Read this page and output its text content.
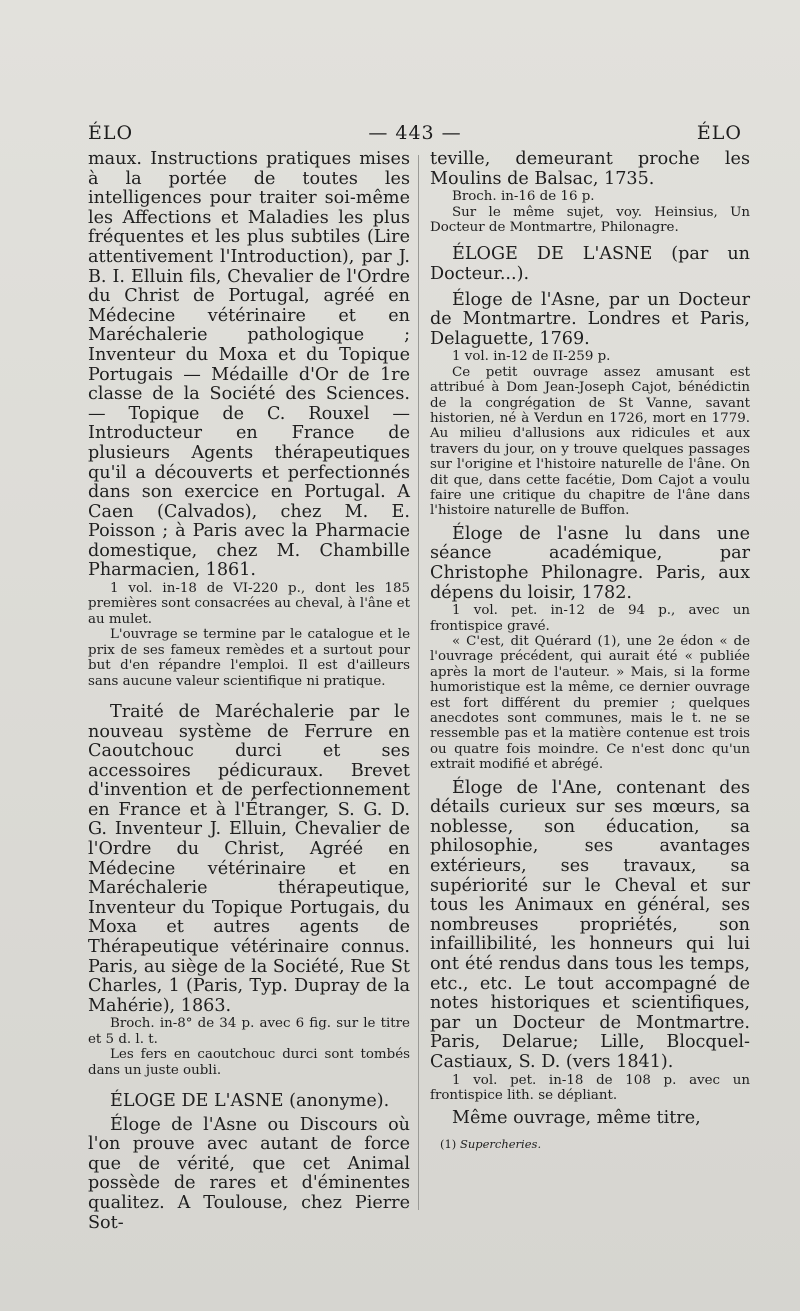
ÉLO	— 443 —	ÉLO

maux. Instructions pratiques mises à la portée de toutes les intelligences pour traiter soi-même les Affections et Maladies les plus fréquentes et les plus subtiles (Lire attentivement l'Introduction), par J. B. I. Elluin fils, Chevalier de l'Ordre du Christ de Portugal, agréé en Médecine vétérinaire et en Maréchalerie pathologique ; Inventeur du Moxa et du Topique Portugais — Médaille d'Or de 1re classe de la Société des Sciences. — Topique de C. Rouxel — Introducteur en France de plusieurs Agents thérapeutiques qu'il a découverts et perfectionnés dans son exercice en Portugal. A Caen (Calvados), chez M. E. Poisson ; à Paris avec la Pharmacie domestique, chez M. Chambille Pharmacien, 1861.

1 vol. in-18 de VI-220 p., dont les 185 premières sont consacrées au cheval, à l'âne et au mulet.

L'ouvrage se termine par le catalogue et le prix de ses fameux remèdes et a surtout pour but d'en répandre l'emploi. Il est d'ailleurs sans aucune valeur scientifique ni pratique.

Traité de Maréchalerie par le nouveau système de Ferrure en Caoutchouc durci et ses accessoires pédicuraux. Brevet d'invention et de perfectionnement en France et à l'Étranger, S. G. D. G. Inventeur J. Elluin, Chevalier de l'Ordre du Christ, Agréé en Médecine vétérinaire et en Maréchalerie thérapeutique, Inventeur du Topique Portugais, du Moxa et autres agents de Thérapeutique vétérinaire connus. Paris, au siège de la Société, Rue St Charles, 1 (Paris, Typ. Dupray de la Mahérie), 1863.

Broch. in-8° de 34 p. avec 6 fig. sur le titre et 5 d. l. t.

Les fers en caoutchouc durci sont tombés dans un juste oubli.

ÉLOGE DE L'ASNE (anonyme).

Éloge de l'Asne ou Discours où l'on prouve avec autant de force que de vérité, que cet Animal possède de rares et d'éminentes qualitez. A Toulouse, chez Pierre Sot-

teville, demeurant proche les Moulins de Balsac, 1735.

Broch. in-16 de 16 p.

Sur le même sujet, voy. Heinsius, Un Docteur de Montmartre, Philonagre.

ÉLOGE DE L'ASNE (par un Docteur...).

Éloge de l'Asne, par un Docteur de Montmartre. Londres et Paris, Delaguette, 1769.

1 vol. in-12 de II-259 p.

Ce petit ouvrage assez amusant est attribué à Dom Jean-Joseph Cajot, bénédictin de la congrégation de St Vanne, savant historien, né à Verdun en 1726, mort en 1779. Au milieu d'allusions aux ridicules et aux travers du jour, on y trouve quelques passages sur l'origine et l'histoire naturelle de l'âne. On dit que, dans cette facétie, Dom Cajot a voulu faire une critique du chapitre de l'âne dans l'histoire naturelle de Buffon.

Éloge de l'asne lu dans une séance académique, par Christophe Philonagre. Paris, aux dépens du loisir, 1782.

1 vol. pet. in-12 de 94 p., avec un frontispice gravé.

« C'est, dit Quérard (1), une 2e édon « de l'ouvrage précédent, qui aurait été « publiée après la mort de l'auteur. » Mais, si la forme humoristique est la même, ce dernier ouvrage est fort différent du premier ; quelques anecdotes sont communes, mais le t. ne se ressemble pas et la matière contenue est trois ou quatre fois moindre. Ce n'est donc qu'un extrait modifié et abrégé.

Éloge de l'Ane, contenant des détails curieux sur ses mœurs, sa noblesse, son éducation, sa philosophie, ses avantages extérieurs, ses travaux, sa supériorité sur le Cheval et sur tous les Animaux en général, ses nombreuses propriétés, son infaillibilité, les honneurs qui lui ont été rendus dans tous les temps, etc., etc. Le tout accompagné de notes historiques et scientifiques, par un Docteur de Montmartre. Paris, Delarue; Lille, Blocquel-Castiaux, S. D. (vers 1841).

1 vol. pet. in-18 de 108 p. avec un frontispice lith. se dépliant.

Même ouvrage, même titre,

(1) Supercheries.
